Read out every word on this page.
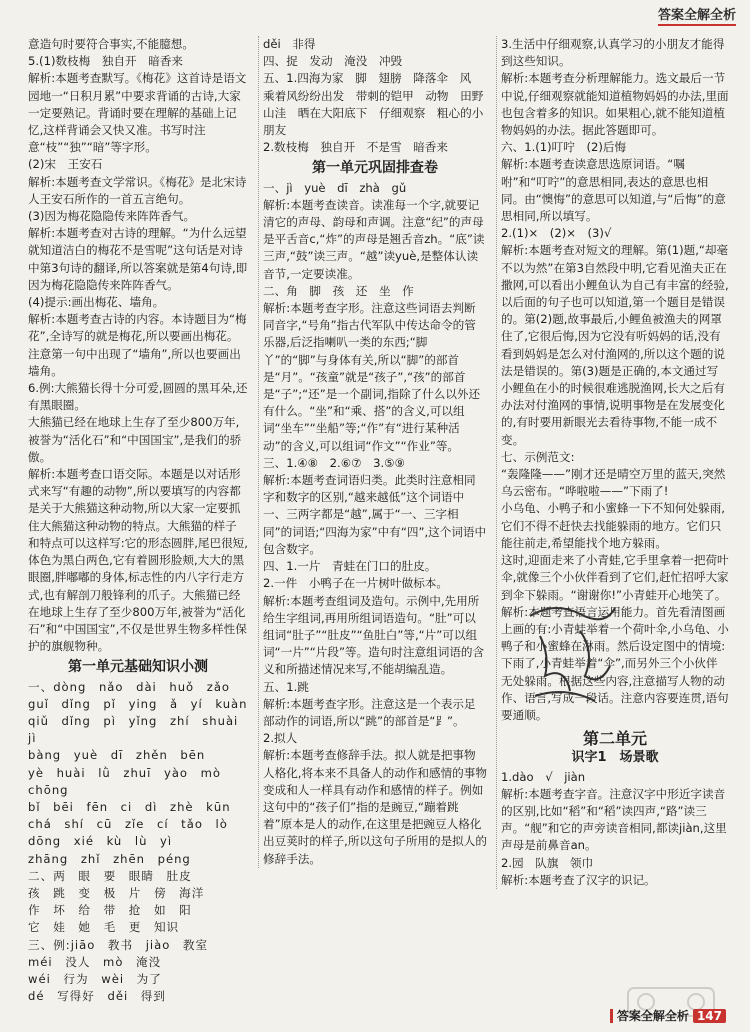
答案全解全析

意造句时要符合事实,不能臆想。

5.(1)数枝梅　独自开　暗香来

解析:本题考查默写。《梅花》这首诗是语文园地一“日积月累”中要求背诵的古诗,大家一定要熟记。背诵时要在理解的基础上记忆,这样背诵会又快又准。书写时注意“枝”“独”“暗”等字形。

(2)宋　王安石

解析:本题考查文学常识。《梅花》是北宋诗人王安石所作的一首五言绝句。

(3)因为梅花隐隐传来阵阵香气。

解析:本题考查对古诗的理解。“为什么远望就知道洁白的梅花不是雪呢”这句话是对诗中第3句诗的翻译,所以答案就是第4句诗,即因为梅花隐隐传来阵阵香气。

(4)提示:画出梅花、墙角。

解析:本题考查古诗的内容。本诗题目为“梅花”,全诗写的就是梅花,所以要画出梅花。注意第一句中出现了“墙角”,所以也要画出墙角。

6.例:大熊猫长得十分可爱,圆圆的黑耳朵,还有黑眼圈。

大熊猫已经在地球上生存了至少800万年,被誉为“活化石”和“中国国宝”,是我们的骄傲。

解析:本题考查口语交际。本题是以对话形式来写“有趣的动物”,所以要填写的内容都是关于大熊猫这种动物,所以大家一定要抓住大熊猫这种动物的特点。大熊猫的样子和特点可以这样写:它的形态圆胖,尾巴很短,体色为黑白两色,它有着圆形脸颊,大大的黑眼圈,胖嘟嘟的身体,标志性的内八字行走方式,也有解剖刀般锋利的爪子。大熊猫已经在地球上生存了至少800万年,被誉为“活化石”和“中国国宝”,不仅是世界生物多样性保护的旗舰物种。

第一单元基础知识小测

一、dòng　nǎo　dài　huǒ　zǎo

guǐ　dǐng　pǐ　ying　ǎ　yí　kuàn

qiǔ　dǐng　pì　yǐng　zhí　shuài　jì

bàng　yuè　dī　zhěn　bēn

yè　huài　lǜ　zhuī　yào　mò　chōng

bǐ　bēi　fēn　ci　dì　zhè　kūn

chá　shí　cū　zǐe　cí　tǎo　lò

dōng　xié　kù　lù　yì

zhāng　zhǐ　zhēn　péng

二、两　眼　要　眼睛　肚皮

孩　跳　变　极　片　傍　海洋

作　坏　给　带　抢　如　阳

它　娃　她　毛　更　知识

三、例:jiāo　教书　jiào　教室

méi　没人　mò　淹没

wéi　行为　wèi　为了

dé　写得好　děi　得到

děi　非得

四、捉　发动　淹没　冲毁

五、1.四海为家　脚　翅膀　降落伞　风　乘着风纷纷出发　带刺的铠甲　动物　田野　山洼　晒在大阳底下　仔细观察　粗心的小朋友

2.数枝梅　独自开　不是雪　暗香来

第一单元巩固排查卷

一、jì　yuè　dī　zhà　gǔ

解析:本题考查读音。读准每一个字,就要记清它的声母、韵母和声调。注意“纪”的声母是平舌音c,“炸”的声母是翘舌音zh。“底”读三声,“鼓”读三声。“越”读yuè,是整体认读音节,一定要读准。

二、角　脚　孩　还　坐　作

解析:本题考查字形。注意这些词语去判断同音字,“号角”指古代军队中传达命令的管乐器,后泛指喇叭一类的东西;“脚丫”的“脚”与身体有关,所以“脚”的部首是“月”。“孩童”就是“孩子”,“孩”的部首是“子”;“还”是一个副词,指除了什么以外还有什么。“坐”和“乘、搭”的含义,可以组词“坐车”“坐船”等;“作”有“进行某种活动”的含义,可以组词“作文”“作业”等。

三、1.④⑧　2.⑥⑦　3.⑤⑨

解析:本题考查词语归类。此类时注意相同字和数字的区别,“越来越低”这个词语中一、三两字都是“越”,属于“一、三字相同”的词语;“四海为家”中有“四”,这个词语中包含数字。

四、1.一片　青蛙在门口的肚皮。

2.一件　小鸭子在一片树叶做标本。

解析:本题考查组词及造句。示例中,先用所给生字组词,再用所组词语造句。“肚”可以组词“肚子”“肚皮”“鱼肚白”等,“片”可以组词“一片”“片段”等。造句时注意组词语的含义和所描述情况来写,不能胡编乱造。

五、1.跳

解析:本题考查字形。注意这是一个表示足部动作的词语,所以“跳”的部首是“⻊”。

2.拟人

解析:本题考查修辞手法。拟人就是把事物人格化,将本来不具备人的动作和感情的事物变成和人一样具有动作和感情的样子。例如这句中的“孩子们”指的是豌豆,“蹦着跳着”原本是人的动作,在这里是把豌豆人格化出豆荚时的样子,所以这句子所用的是拟人的修辞手法。

3.生活中仔细观察,认真学习的小朋友才能得到这些知识。

解析:本题考查分析理解能力。选文最后一节中说,仔细观察就能知道植物妈妈的办法,里面也包含着多的知识。如果粗心,就不能知道植物妈妈的办法。据此答题即可。

六、1.(1)叮咛　(2)后悔

解析:本题考查读意思选原词语。“嘱咐”和“叮咛”的意思相同,表达的意思也相同。由“懊悔”的意思可以知道,与“后悔”的意思相同,所以填写。

2.(1)×　(2)×　(3)√

解析:本题考查对短文的理解。第(1)题,“却毫不以为然”在第3自然段中明,它看见渔夫正在撒网,可以看出小鲤鱼认为自己有丰富的经验,以后面的句子也可以知道,第一个题目是错误的。第(2)题,故事最后,小鲤鱼被渔夫的网罩住了,它很后悔,因为它没有听妈妈的话,没有看到妈妈是怎么对付渔网的,所以这个题的说法是错误的。第(3)题是正确的,本文通过写小鲤鱼在小的时候很难逃脱渔网,长大之后有办法对付渔网的事情,说明事物是在发展变化的,有时要用新眼光去看待事物,不能一成不变。

七、示例范文:

“轰隆隆——”刚才还是晴空万里的蓝天,突然乌云密布。“哗啦啦——”下雨了!

小乌龟、小鸭子和小蜜蜂一下不知何处躲雨,它们不得不赶快去找能躲雨的地方。它们只能往前走,希望能找个地方躲雨。

这时,迎面走来了小青蛙,它手里拿着一把荷叶伞,就像三个小伙伴看到了它们,赶忙招呼大家到伞下躲雨。“谢谢你!”小青蛙开心地笑了。

解析:本题考查语言运用能力。首先看清图画上画的有:小青蛙举着一个荷叶伞,小乌龟、小鸭子和小蜜蜂在淋雨。然后设定图中的情境:下雨了,小青蛙举着“伞”,而另外三个小伙伴无处躲雨。根据这些内容,注意描写人物的动作、语言,写成一段话。注意内容要连贯,语句要通顺。

第二单元
识字1　场景歌

1.dào　√　jiàn

解析:本题考查字音。注意汉字中形近字读音的区别,比如“稻”和“稻”读四声,“路”读三声。“舰”和它的声旁读音相同,都读jiàn,这里声母是前鼻音an。

2.园　队旗　领巾

解析:本题考查了汉字的识记。

答案全解全析 147
